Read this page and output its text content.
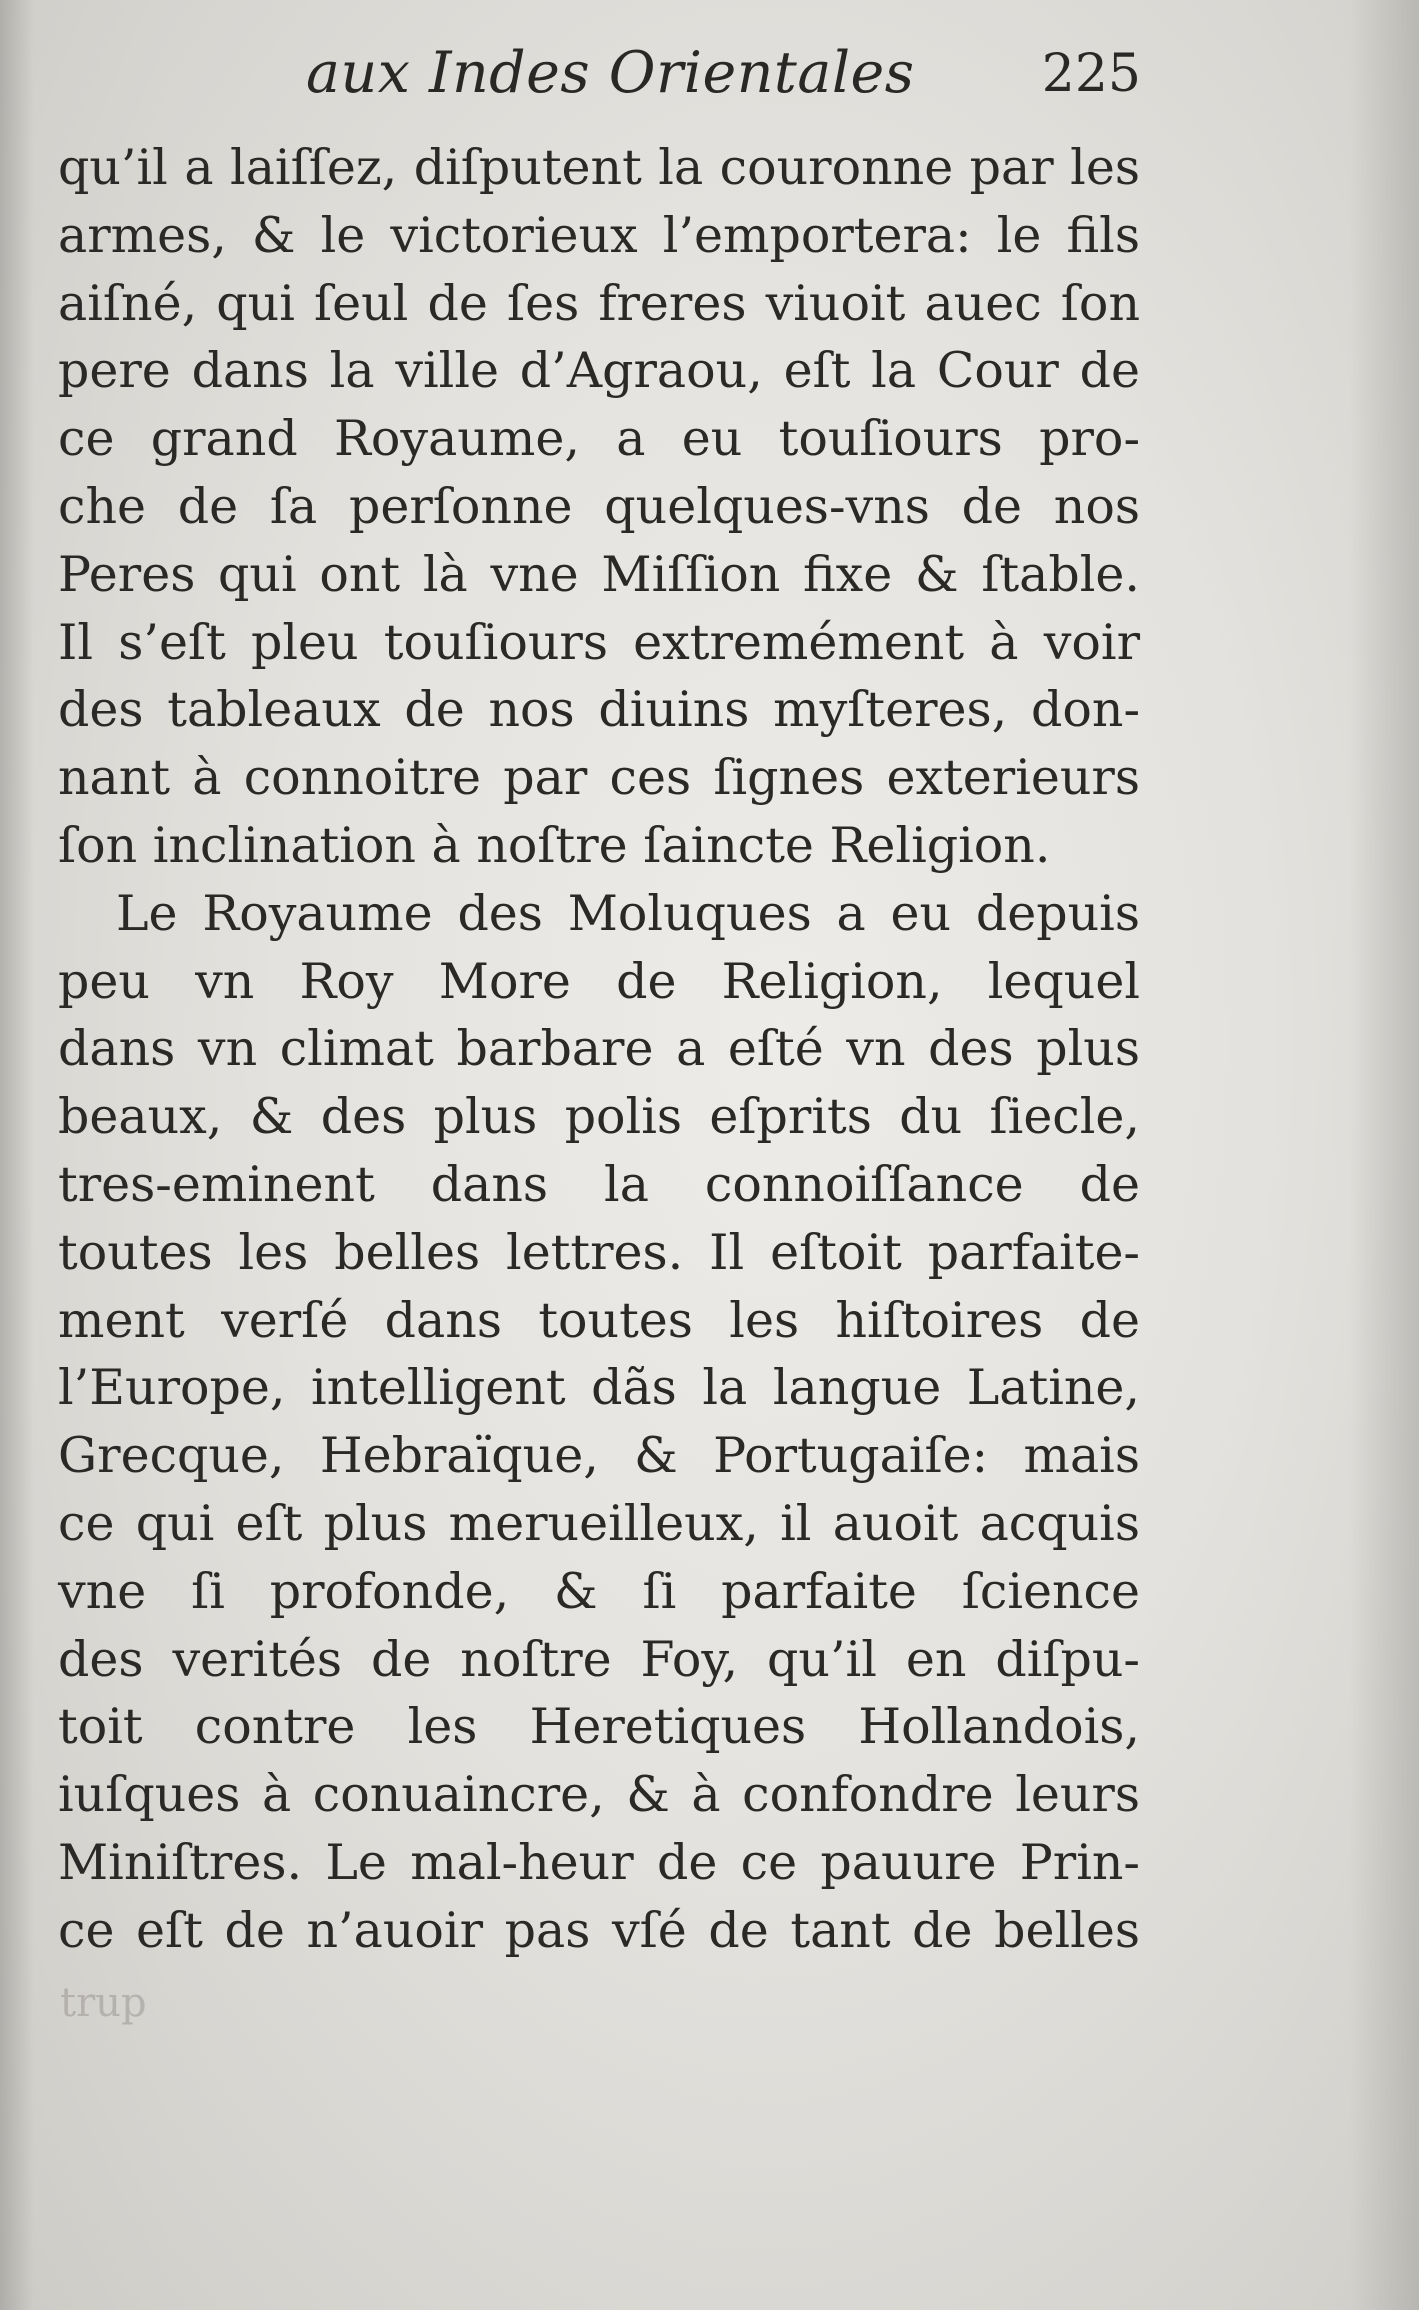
aux Indes Orientales 225
qu’il a laiſſez, diſputent la couronne par les
armes, & le victorieux l’emportera: le fils
aiſné, qui ſeul de ſes freres viuoit auec ſon
pere dans la ville d’Agraou, eſt la Cour de
ce grand Royaume, a eu touſiours pro-
che de ſa perſonne quelques-vns de nos
Peres qui ont là vne Miſſion fixe & ſtable.
Il s’eſt pleu touſiours extremément à voir
des tableaux de nos diuins myſteres, don-
nant à connoitre par ces ſignes exterieurs
ſon inclination à noſtre ſaincte Religion.
Le Royaume des Moluques a eu depuis
peu vn Roy More de Religion, lequel
dans vn climat barbare a eſté vn des plus
beaux, & des plus polis eſprits du ſiecle,
tres-eminent dans la connoiſſance de
toutes les belles lettres. Il eſtoit parfaite-
ment verſé dans toutes les hiſtoires de
l’Europe, intelligent dãs la langue Latine,
Grecque, Hebraïque, & Portugaiſe: mais
ce qui eſt plus merueilleux, il auoit acquis
vne ſi profonde, & ſi parfaite ſcience
des verités de noſtre Foy, qu’il en diſpu-
toit contre les Heretiques Hollandois,
iuſques à conuaincre, & à confondre leurs
Miniſtres. Le mal-heur de ce pauure Prin-
ce eſt de n’auoir pas vſé de tant de belles
trup
